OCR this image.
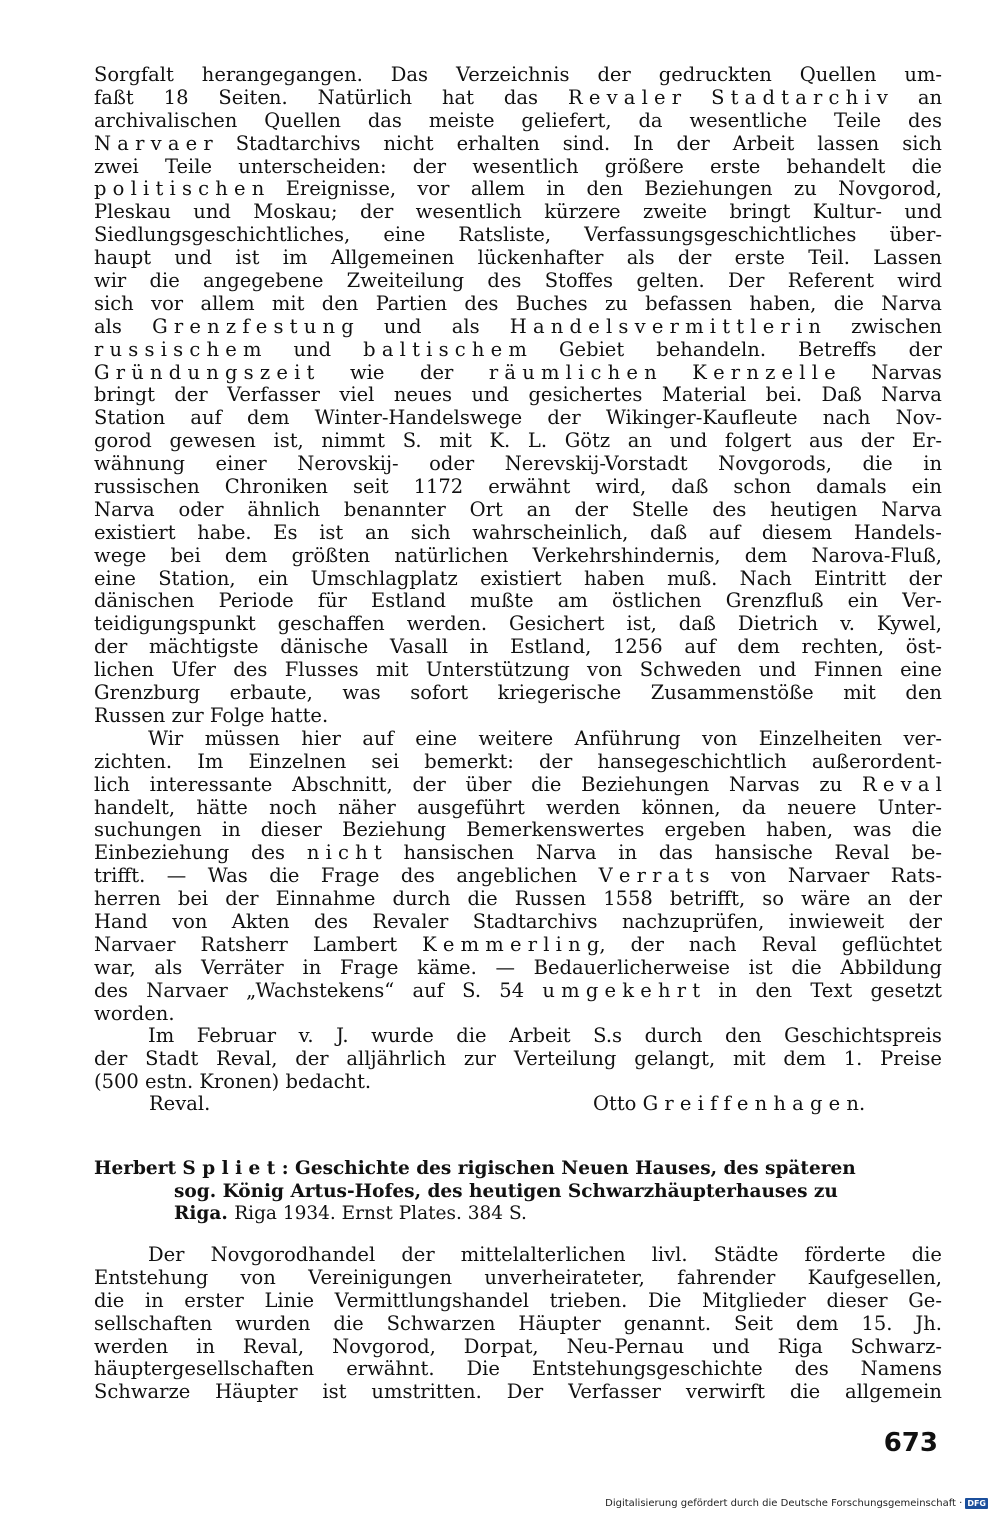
Sorgfalt herangegangen. Das Verzeichnis der gedruckten Quellen um-
faßt 18 Seiten. Natürlich hat das R e v a l e r S t a d t a r c h i v an
archivalischen Quellen das meiste geliefert, da wesentliche Teile des
N a r v a e r Stadtarchivs nicht erhalten sind. In der Arbeit lassen sich
zwei Teile unterscheiden: der wesentlich größere erste behandelt die
p o l i t i s c h e n Ereignisse, vor allem in den Beziehungen zu Novgorod,
Pleskau und Moskau; der wesentlich kürzere zweite bringt Kultur- und
Siedlungsgeschichtliches, eine Ratsliste, Verfassungsgeschichtliches über-
haupt und ist im Allgemeinen lückenhafter als der erste Teil. Lassen
wir die angegebene Zweiteilung des Stoffes gelten. Der Referent wird
sich vor allem mit den Partien des Buches zu befassen haben, die Narva
als G r e n z f e s t u n g und als H a n d e l s v e r m i t t l e r i n zwischen
r u s s i s c h e m und b a l t i s c h e m Gebiet behandeln. Betreffs der
G r ü n d u n g s z e i t wie der r ä u m l i c h e n K e r n z e l l e Narvas
bringt der Verfasser viel neues und gesichertes Material bei. Daß Narva
Station auf dem Winter-Handelswege der Wikinger-Kaufleute nach Nov-
gorod gewesen ist, nimmt S. mit K. L. Götz an und folgert aus der Er-
wähnung einer Nerovskij- oder Nerevskij-Vorstadt Novgorods, die in
russischen Chroniken seit 1172 erwähnt wird, daß schon damals ein
Narva oder ähnlich benannter Ort an der Stelle des heutigen Narva
existiert habe. Es ist an sich wahrscheinlich, daß auf diesem Handels-
wege bei dem größten natürlichen Verkehrshindernis, dem Narova-Fluß,
eine Station, ein Umschlagplatz existiert haben muß. Nach Eintritt der
dänischen Periode für Estland mußte am östlichen Grenzfluß ein Ver-
teidigungspunkt geschaffen werden. Gesichert ist, daß Dietrich v. Kywel,
der mächtigste dänische Vasall in Estland, 1256 auf dem rechten, öst-
lichen Ufer des Flusses mit Unterstützung von Schweden und Finnen eine
Grenzburg erbaute, was sofort kriegerische Zusammenstöße mit den
Russen zur Folge hatte.
Wir müssen hier auf eine weitere Anführung von Einzelheiten ver-
zichten. Im Einzelnen sei bemerkt: der hansegeschichtlich außerordent-
lich interessante Abschnitt, der über die Beziehungen Narvas zu R e v a l
handelt, hätte noch näher ausgeführt werden können, da neuere Unter-
suchungen in dieser Beziehung Bemerkenswertes ergeben haben, was die
Einbeziehung des n i c h t hansischen Narva in das hansische Reval be-
trifft. — Was die Frage des angeblichen V e r r a t s von Narvaer Rats-
herren bei der Einnahme durch die Russen 1558 betrifft, so wäre an der
Hand von Akten des Revaler Stadtarchivs nachzuprüfen, inwieweit der
Narvaer Ratsherr Lambert K e m m e r l i n g, der nach Reval geflüchtet
war, als Verräter in Frage käme. — Bedauerlicherweise ist die Abbildung
des Narvaer „Wachstekens“ auf S. 54 u m g e k e h r t in den Text gesetzt
worden.
Im Februar v. J. wurde die Arbeit S.s durch den Geschichtspreis
der Stadt Reval, der alljährlich zur Verteilung gelangt, mit dem 1. Preise
(500 estn. Kronen) bedacht.
Reval.	Otto G r e i f f e n h a g e n.
Herbert S p l i e t : Geschichte des rigischen Neuen Hauses, des späteren
sog. König Artus-Hofes, des heutigen Schwarzhäupterhauses zu
Riga. Riga 1934. Ernst Plates. 384 S.
Der Novgorodhandel der mittelalterlichen livl. Städte förderte die
Entstehung von Vereinigungen unverheirateter, fahrender Kaufgesellen,
die in erster Linie Vermittlungshandel trieben. Die Mitglieder dieser Ge-
sellschaften wurden die Schwarzen Häupter genannt. Seit dem 15. Jh.
werden in Reval, Novgorod, Dorpat, Neu-Pernau und Riga Schwarz-
häuptergesellschaften erwähnt. Die Entstehungsgeschichte des Namens
Schwarze Häupter ist umstritten. Der Verfasser verwirft die allgemein
673
Digitalisierung gefördert durch die Deutsche Forschungsgemeinschaft · DFG
